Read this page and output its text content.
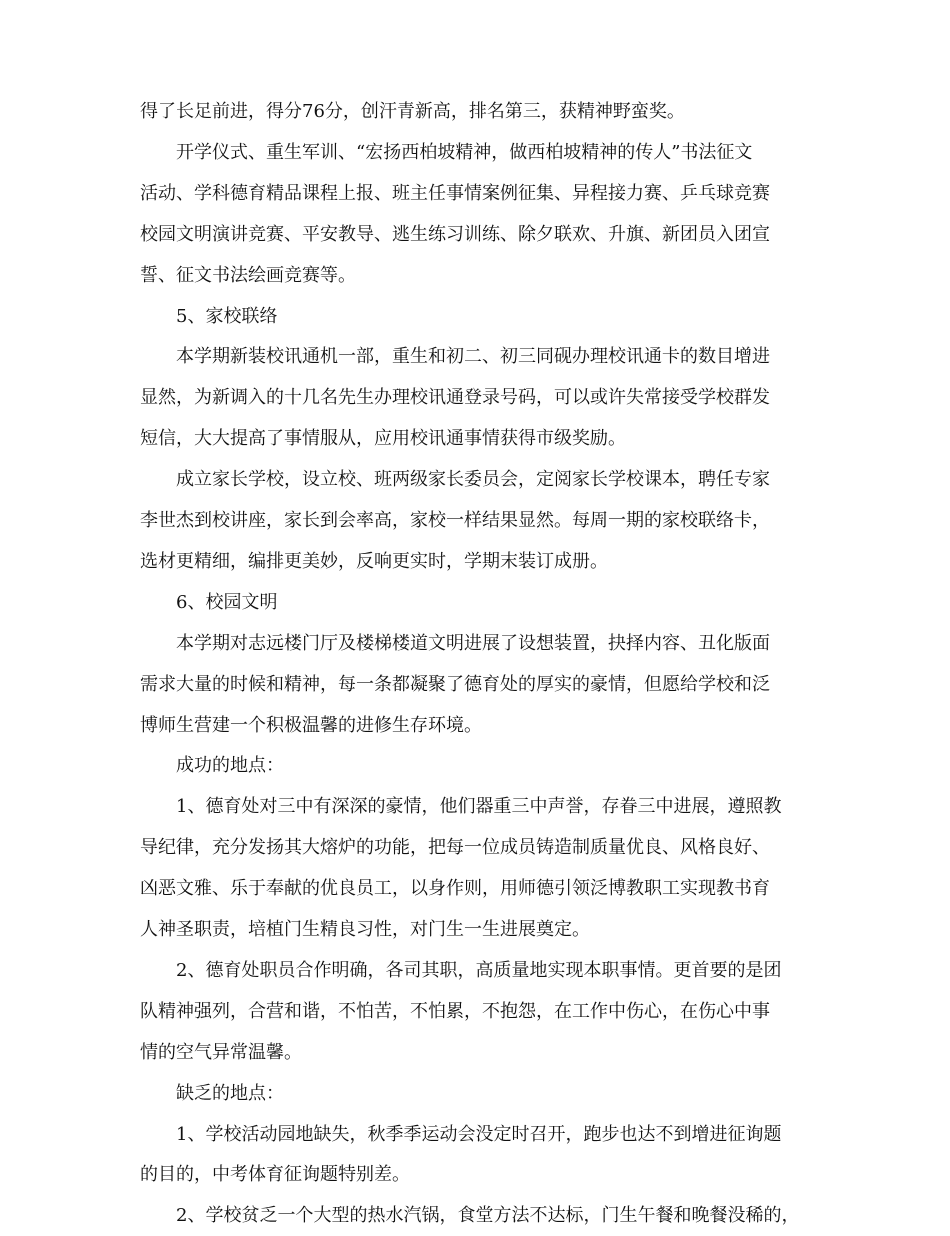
得了长足前进，得分76分，创汗青新高，排名第三，获精神野蛮奖。
开学仪式、重生军训、“宏扬西柏坡精神，做西柏坡精神的传人”书法征文
活动、学科德育精品课程上报、班主任事情案例征集、异程接力赛、乒乓球竞赛
校园文明演讲竞赛、平安教导、逃生练习训练、除夕联欢、升旗、新团员入团宣
誓、征文书法绘画竞赛等。
5、家校联络
本学期新装校讯通机一部，重生和初二、初三同砚办理校讯通卡的数目增进
显然，为新调入的十几名先生办理校讯通登录号码，可以或许失常接受学校群发
短信，大大提高了事情服从，应用校讯通事情获得市级奖励。
成立家长学校，设立校、班两级家长委员会，定阅家长学校课本，聘任专家
李世杰到校讲座，家长到会率高，家校一样结果显然。每周一期的家校联络卡，
选材更精细，编排更美妙，反响更实时，学期末装订成册。
6、校园文明
本学期对志远楼门厅及楼梯楼道文明进展了设想装置，抉择内容、丑化版面
需求大量的时候和精神，每一条都凝聚了德育处的厚实的豪情，但愿给学校和泛
博师生营建一个积极温馨的进修生存环境。
成功的地点：
1、德育处对三中有深深的豪情，他们器重三中声誉，存眷三中进展，遵照教
导纪律，充分发扬其大熔炉的功能，把每一位成员铸造制质量优良、风格良好、
凶恶文雅、乐于奉献的优良员工，以身作则，用师德引领泛博教职工实现教书育
人神圣职责，培植门生精良习性，对门生一生进展奠定。
2、德育处职员合作明确，各司其职，高质量地实现本职事情。更首要的是团
队精神强列，合营和谐，不怕苦，不怕累，不抱怨，在工作中伤心，在伤心中事
情的空气异常温馨。
缺乏的地点：
1、学校活动园地缺失，秋季季运动会没定时召开，跑步也达不到增进征询题
的目的，中考体育征询题特别差。
2、学校贫乏一个大型的热水汽锅，食堂方法不达标，门生午餐和晚餐没稀的，
